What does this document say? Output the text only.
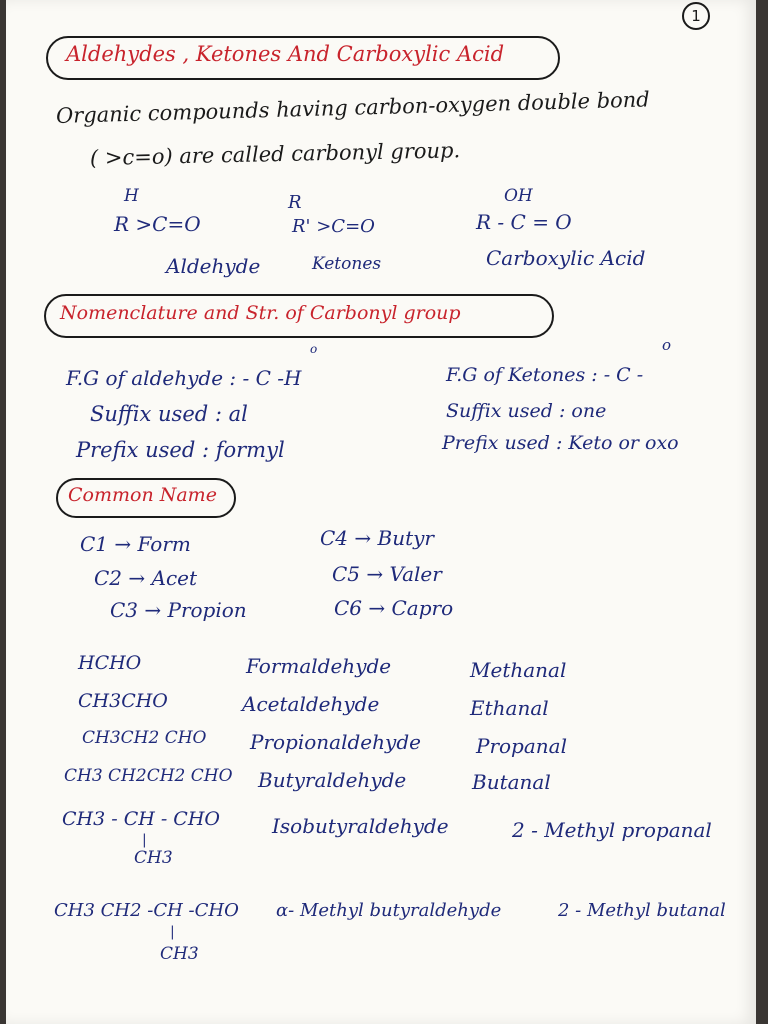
1
Aldehydes , Ketones And Carboxylic Acid
Organic compounds having carbon-oxygen double bond
( >c=o) are called carbonyl group.
H
R >C=O
Aldehyde
R
R' >C=O
Ketones
OH
R - C = O
Carboxylic Acid
Nomenclature and Str. of Carbonyl group
o	o
F.G of aldehyde : - C -H
Suffix used : al
Prefix used : formyl
F.G of Ketones : - C -
Suffix used : one
Prefix used : Keto or oxo
Common Name
C1 → Form	C4 → Butyr
C2 → Acet	C5 → Valer
C3 → Propion	C6 → Capro
HCHO	Formaldehyde	Methanal
CH3CHO	Acetaldehyde	Ethanal
CH3CH2 CHO Propionaldehyde	Propanal
CH3 CH2CH2 CHO Butyraldehyde	Butanal
CH3 - CH - CHO
|
CH3
Isobutyraldehyde	2 - Methyl propanal
CH3 CH2 -CH -CHO
|
CH3
α- Methyl butyraldehyde	2 - Methyl butanal
